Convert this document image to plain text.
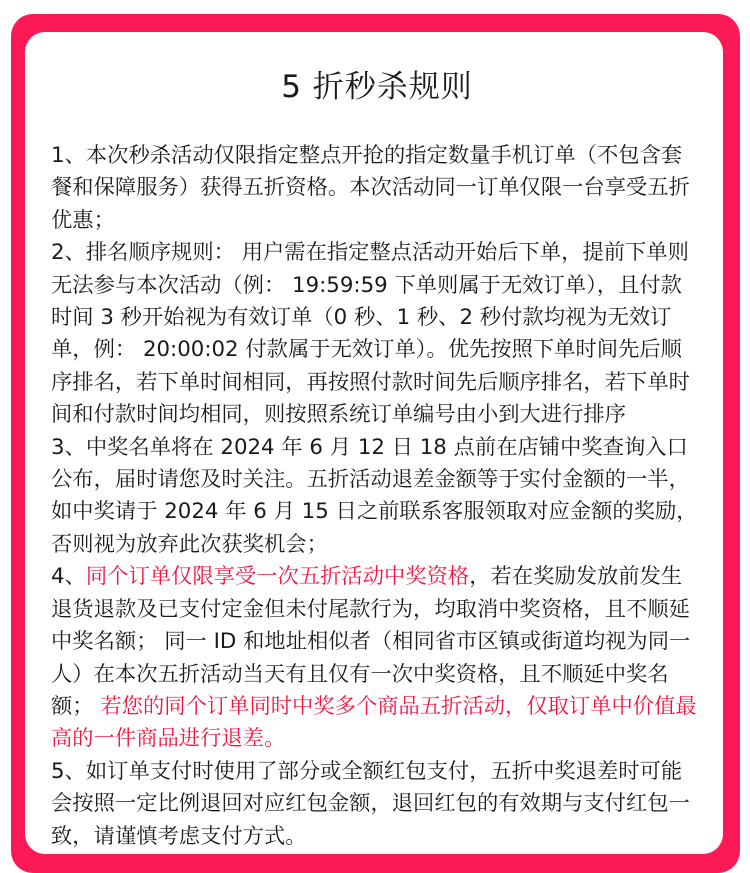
5 折秒杀规则

1、本次秒杀活动仅限指定整点开抢的指定数量手机订单（不包含套餐和保障服务）获得五折资格。本次活动同一订单仅限一台享受五折优惠；

2、排名顺序规则： 用户需在指定整点活动开始后下单，提前下单则无法参与本次活动（例： 19:59:59 下单则属于无效订单），且付款时间 3 秒开始视为有效订单（0 秒、1 秒、2 秒付款均视为无效订单，例： 20:00:02 付款属于无效订单）。优先按照下单时间先后顺序排名，若下单时间相同，再按照付款时间先后顺序排名，若下单时间和付款时间均相同，则按照系统订单编号由小到大进行排序

3、中奖名单将在 2024 年 6 月 12 日 18 点前在店铺中奖查询入口公布，届时请您及时关注。五折活动退差金额等于实付金额的一半，如中奖请于 2024 年 6 月 15 日之前联系客服领取对应金额的奖励，否则视为放弃此次获奖机会；

4、同个订单仅限享受一次五折活动中奖资格，若在奖励发放前发生退货退款及已支付定金但未付尾款行为，均取消中奖资格，且不顺延中奖名额； 同一 ID 和地址相似者（相同省市区镇或街道均视为同一人）在本次五折活动当天有且仅有一次中奖资格，且不顺延中奖名额； 若您的同个订单同时中奖多个商品五折活动，仅取订单中价值最高的一件商品进行退差。

5、如订单支付时使用了部分或全额红包支付，五折中奖退差时可能会按照一定比例退回对应红包金额，退回红包的有效期与支付红包一致，请谨慎考虑支付方式。
